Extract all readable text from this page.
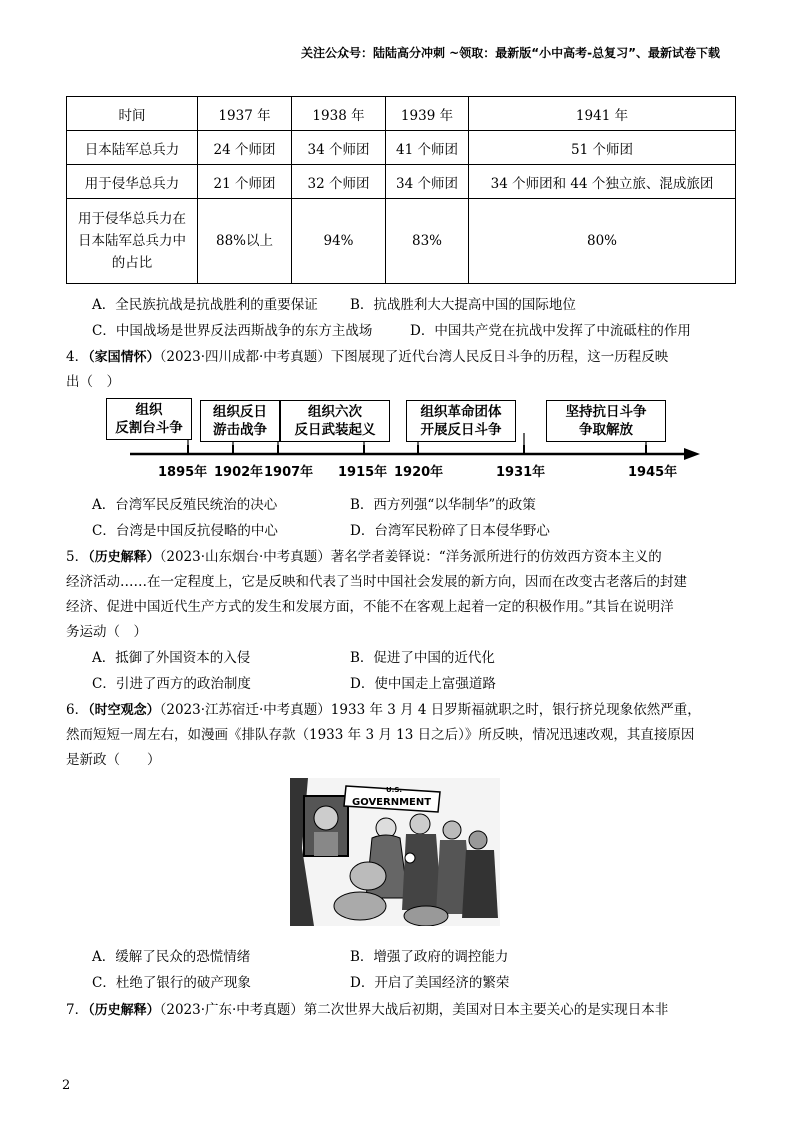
关注公众号：陆陆高分冲刺 ~领取：最新版“小中高考-总复习”、最新试卷下载
时间	1937 年	1938 年	1939 年	1941 年
日本陆军总兵力	24 个师团	34 个师团	41 个师团	51 个师团
用于侵华总兵力	21 个师团	32 个师团	34 个师团	34 个师团和 44 个独立旅、混成旅团
用于侵华总兵力在
日本陆军总兵力中
的占比	88%以上	94%	83%	80%
A．全民族抗战是抗战胜利的重要保证 B．抗战胜利大大提高中国的国际地位
C．中国战场是世界反法西斯战争的东方主战场	D．中国共产党在抗战中发挥了中流砥柱的作用
4．（家国情怀）（2023·四川成都·中考真题）下图展现了近代台湾人民反日斗争的历程，这一历程反映
出（　）
组织
反割台斗争
组织反日
游击战争
组织六次
反日武装起义
组织革命团体
开展反日斗争
坚持抗日斗争
争取解放
1895年 1902年 1907年 1915年 1920年	1931年	1945年
A．台湾军民反殖民统治的决心	B．西方列强“以华制华”的政策
C．台湾是中国反抗侵略的中心	D．台湾军民粉碎了日本侵华野心
5．（历史解释）（2023·山东烟台·中考真题）著名学者姜铎说：“洋务派所进行的仿效西方资本主义的
经济活动……在一定程度上，它是反映和代表了当时中国社会发展的新方向，因而在改变古老落后的封建
经济、促进中国近代生产方式的发生和发展方面，不能不在客观上起着一定的积极作用。”其旨在说明洋
务运动（　）
A．抵御了外国资本的入侵	B．促进了中国的近代化
C．引进了西方的政治制度	D．使中国走上富强道路
6．（时空观念）（2023·江苏宿迁·中考真题）1933 年 3 月 4 日罗斯福就职之时，银行挤兑现象依然严重，
然而短短一周左右，如漫画《排队存款（1933 年 3 月 13 日之后）》所反映，情况迅速改观，其直接原因
是新政（　　）
U.S.
GOVERNMENT
A．缓解了民众的恐慌情绪	B．增强了政府的调控能力
C．杜绝了银行的破产现象	D．开启了美国经济的繁荣
7．（历史解释）（2023·广东·中考真题）第二次世界大战后初期，美国对日本主要关心的是实现日本非
2
